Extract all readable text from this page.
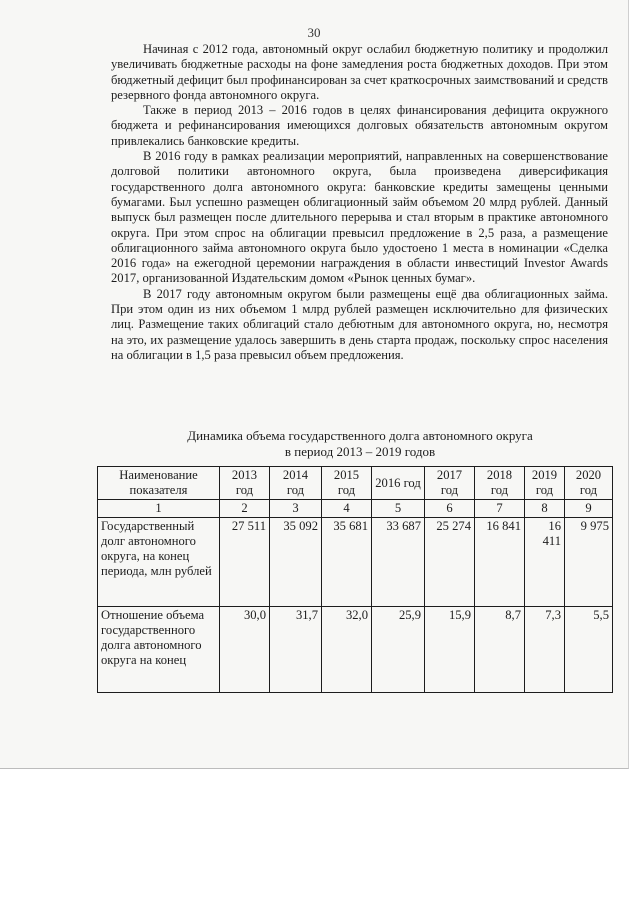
30

Начиная с 2012 года, автономный округ ослабил бюджетную политику и продолжил увеличивать бюджетные расходы на фоне замедления роста бюджетных доходов. При этом бюджетный дефицит был профинансирован за счет краткосрочных заимствований и средств резервного фонда автономного округа.

Также в период 2013 – 2016 годов в целях финансирования дефицита окружного бюджета и рефинансирования имеющихся долговых обязательств автономным округом привлекались банковские кредиты.

В 2016 году в рамках реализации мероприятий, направленных на совершенствование долговой политики автономного округа, была произведена диверсификация государственного долга автономного округа: банковские кредиты замещены ценными бумагами. Был успешно размещен облигационный займ объемом 20 млрд рублей. Данный выпуск был размещен после длительного перерыва и стал вторым в практике автономного округа. При этом спрос на облигации превысил предложение в 2,5 раза, а размещение облигационного займа автономного округа было удостоено 1 места в номинации «Сделка 2016 года» на ежегодной церемонии награждения в области инвестиций Investor Awards 2017, организованной Издательским домом «Рынок ценных бумаг».

В 2017 году автономным округом были размещены ещё два облигационных займа. При этом один из них объемом 1 млрд рублей размещен исключительно для физических лиц. Размещение таких облигаций стало дебютным для автономного округа, но, несмотря на это, их размещение удалось завершить в день старта продаж, поскольку спрос населения на облигации в 1,5 раза превысил объем предложения.

Динамика объема государственного долга автономного округа
в период 2013 – 2019 годов
Наименование показателя	2013 год	2014 год	2015 год	2016 год	2017 год	2018 год	2019 год	2020 год
1	2	3	4	5	6	7	8	9
Государственный долг автономного округа, на конец периода, млн рублей	27 511	35 092	35 681	33 687	25 274	16 841	16 411	9 975
Отношение объема государственного долга автономного округа на конец	30,0	31,7	32,0	25,9	15,9	8,7	7,3	5,5
